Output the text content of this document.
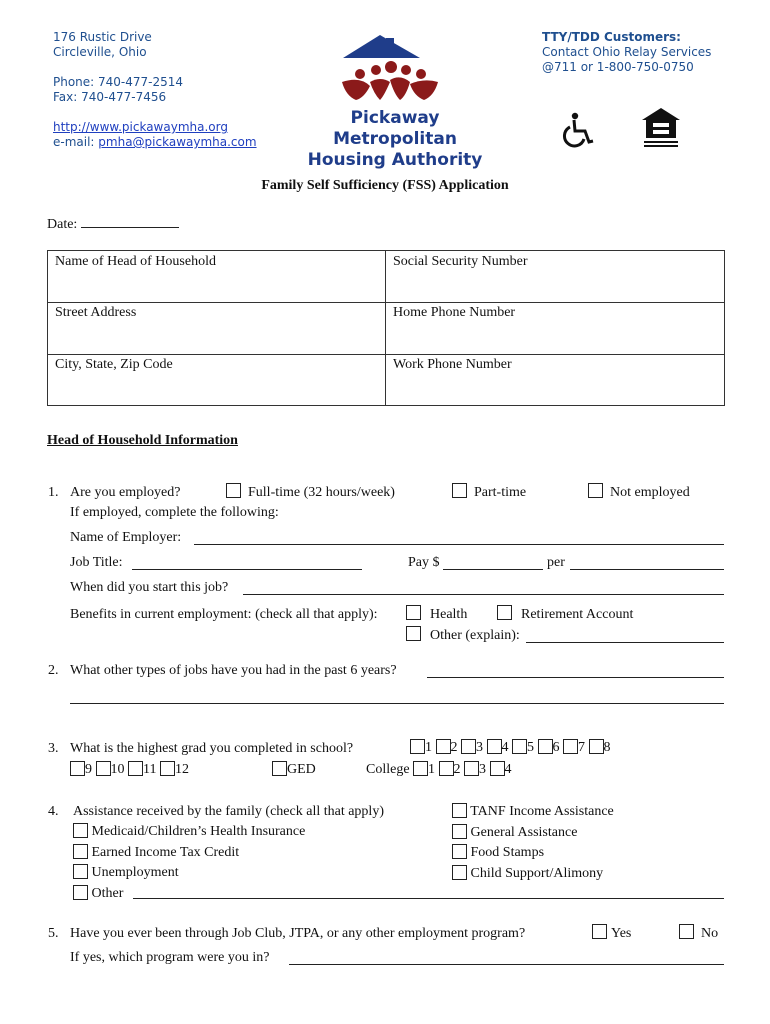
176 Rustic Drive
Circleville, Ohio
Phone: 740-477-2514
Fax: 740-477-7456
http://www.pickawaymha.org
e-mail: pmha@pickawaymha.com
Pickaway Metropolitan
Housing Authority
TTY/TDD Customers:
Contact Ohio Relay Services
@711 or 1-800-750-0750
Family Self Sufficiency (FSS) Application
Date:
Name of Head of Household	Social Security Number
Street Address	Home Phone Number
City, State, Zip Code	Work Phone Number
Head of Household Information
1. Are you employed?	Full-time (32 hours/week)	Part-time	Not employed
If employed, complete the following:
Name of Employer:
Job Title:	Pay $	per
When did you start this job?
Benefits in current employment: (check all that apply):	Health	Retirement Account
Other (explain):
2. What other types of jobs have you had in the past 6 years?
3. What is the highest grad you completed in school?	1 2 3 4 5 6 7 8
9 10 11 12	GED	College 1 2 3 4
4. Assistance received by the family (check all that apply)
Medicaid/Children’s Health Insurance
Earned Income Tax Credit
Unemployment
Other
TANF Income Assistance
General Assistance
Food Stamps
Child Support/Alimony
5. Have you ever been through Job Club, JTPA, or any other employment program?	Yes	No
If yes, which program were you in?
